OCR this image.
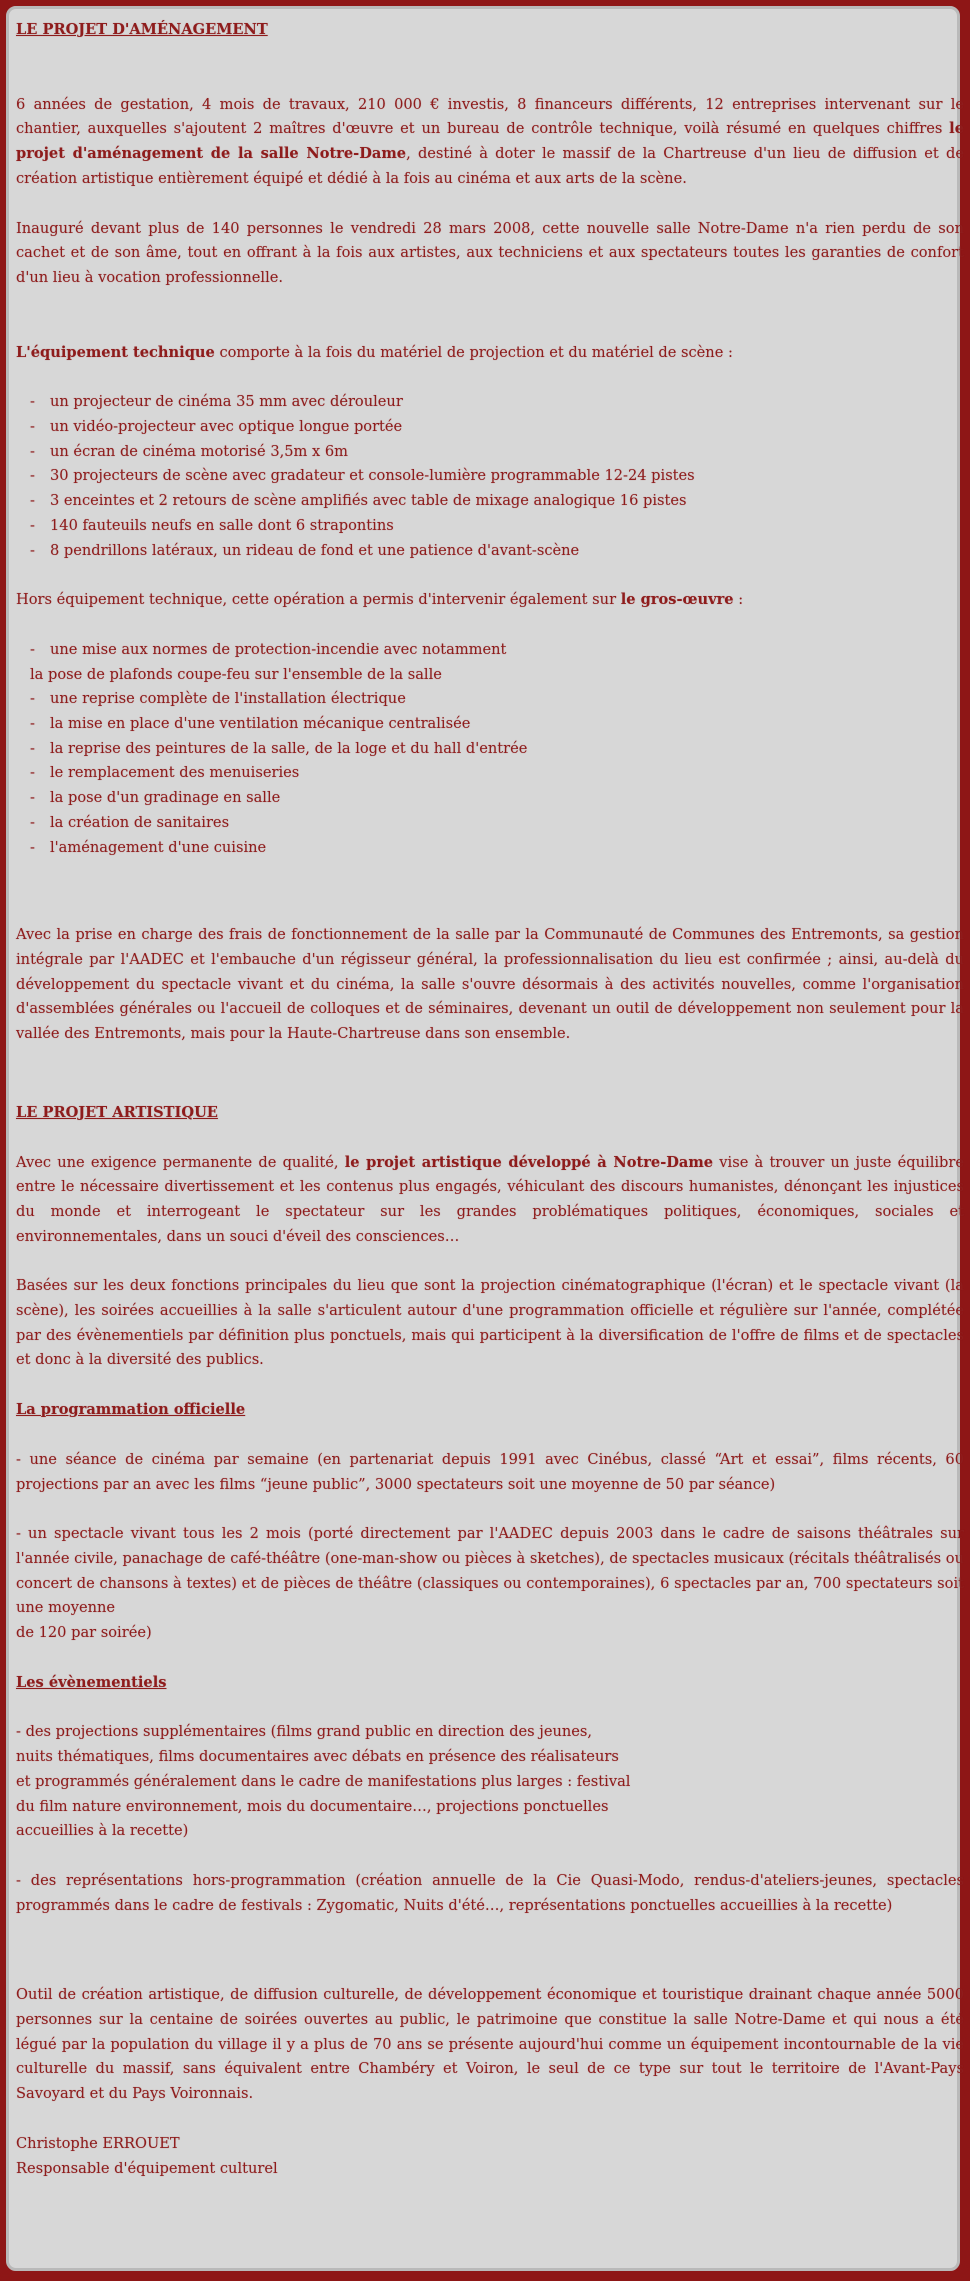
LE PROJET D'AMÉNAGEMENT

6 années de gestation, 4 mois de travaux, 210 000 € investis, 8 financeurs différents, 12 entreprises intervenant sur le chantier, auxquelles s'ajoutent 2 maîtres d'œuvre et un bureau de contrôle technique, voilà résumé en quelques chiffres le projet d'aménagement de la salle Notre-Dame, destiné à doter le massif de la Chartreuse d'un lieu de diffusion et de création artistique entièrement équipé et dédié à la fois au cinéma et aux arts de la scène.

Inauguré devant plus de 140 personnes le vendredi 28 mars 2008, cette nouvelle salle Notre-Dame n'a rien perdu de son cachet et de son âme, tout en offrant à la fois aux artistes, aux techniciens et aux spectateurs toutes les garanties de confort d'un lieu à vocation professionnelle.

L'équipement technique comporte à la fois du matériel de projection et du matériel de scène :

- un projecteur de cinéma 35 mm avec dérouleur
- un vidéo-projecteur avec optique longue portée
- un écran de cinéma motorisé 3,5m x 6m
- 30 projecteurs de scène avec gradateur et console-lumière programmable 12-24 pistes
- 3 enceintes et 2 retours de scène amplifiés avec table de mixage analogique 16 pistes
- 140 fauteuils neufs en salle dont 6 strapontins
- 8 pendrillons latéraux, un rideau de fond et une patience d'avant-scène

Hors équipement technique, cette opération a permis d'intervenir également sur le gros-œuvre :

- une mise aux normes de protection-incendie avec notamment
la pose de plafonds coupe-feu sur l'ensemble de la salle
- une reprise complète de l'installation électrique
- la mise en place d'une ventilation mécanique centralisée
- la reprise des peintures de la salle, de la loge et du hall d'entrée
- le remplacement des menuiseries
- la pose d'un gradinage en salle
- la création de sanitaires
- l'aménagement d'une cuisine

Avec la prise en charge des frais de fonctionnement de la salle par la Communauté de Communes des Entremonts, sa gestion intégrale par l'AADEC et l'embauche d'un régisseur général, la professionnalisation du lieu est confirmée ; ainsi, au-delà du développement du spectacle vivant et du cinéma, la salle s'ouvre désormais à des activités nouvelles, comme l'organisation d'assemblées générales ou l'accueil de colloques et de séminaires, devenant un outil de développement non seulement pour la vallée des Entremonts, mais pour la Haute-Chartreuse dans son ensemble.

LE PROJET ARTISTIQUE

Avec une exigence permanente de qualité, le projet artistique développé à Notre-Dame vise à trouver un juste équilibre entre le nécessaire divertissement et les contenus plus engagés, véhiculant des discours humanistes, dénonçant les injustices du monde et interrogeant le spectateur sur les grandes problématiques politiques, économiques, sociales et environnementales, dans un souci d'éveil des consciences…

Basées sur les deux fonctions principales du lieu que sont la projection cinématographique (l'écran) et le spectacle vivant (la scène), les soirées accueillies à la salle s'articulent autour d'une programmation officielle et régulière sur l'année, complétée par des évènementiels par définition plus ponctuels, mais qui participent à la diversification de l'offre de films et de spectacles et donc à la diversité des publics.

La programmation officielle

- une séance de cinéma par semaine (en partenariat depuis 1991 avec Cinébus, classé “Art et essai”, films récents, 60 projections par an avec les films “jeune public”, 3000 spectateurs soit une moyenne de 50 par séance)

- un spectacle vivant tous les 2 mois (porté directement par l'AADEC depuis 2003 dans le cadre de saisons théâtrales sur l'année civile, panachage de café-théâtre (one-man-show ou pièces à sketches), de spectacles musicaux (récitals théâtralisés ou concert de chansons à textes) et de pièces de théâtre (classiques ou contemporaines), 6 spectacles par an, 700 spectateurs soit une moyenne

de 120 par soirée)

Les évènementiels

- des projections supplémentaires (films grand public en direction des jeunes,

nuits thématiques, films documentaires avec débats en présence des réalisateurs

et programmés généralement dans le cadre de manifestations plus larges : festival

du film nature environnement, mois du documentaire…, projections ponctuelles

accueillies à la recette)

- des représentations hors-programmation (création annuelle de la Cie Quasi-Modo, rendus-d'ateliers-jeunes, spectacles programmés dans le cadre de festivals : Zygomatic, Nuits d'été…, représentations ponctuelles accueillies à la recette)

Outil de création artistique, de diffusion culturelle, de développement économique et touristique drainant chaque année 5000 personnes sur la centaine de soirées ouvertes au public, le patrimoine que constitue la salle Notre-Dame et qui nous a été légué par la population du village il y a plus de 70 ans se présente aujourd'hui comme un équipement incontournable de la vie culturelle du massif, sans équivalent entre Chambéry et Voiron, le seul de ce type sur tout le territoire de l'Avant-Pays Savoyard et du Pays Voironnais.

Christophe ERROUET

Responsable d'équipement culturel
